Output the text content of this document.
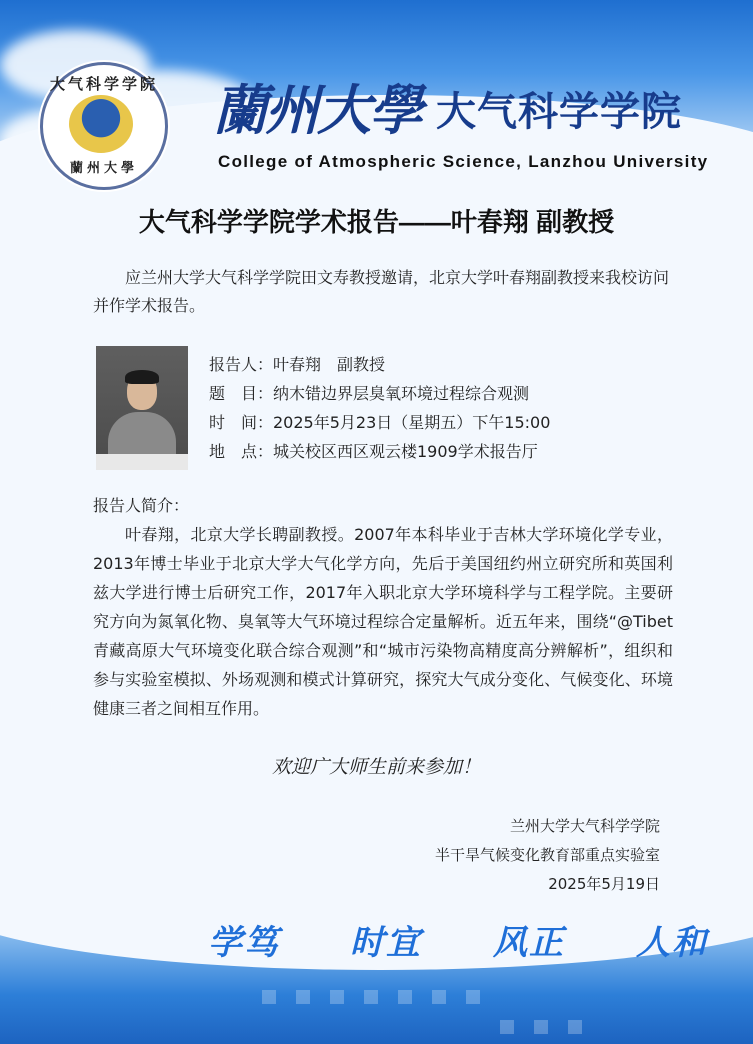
大气科学学院
蘭州大學
蘭州大學 大气科学学院
College of Atmospheric Science, Lanzhou University
大气科学学院学术报告——叶春翔 副教授
应兰州大学大气科学学院田文寿教授邀请，北京大学叶春翔副教授来我校访问并作学术报告。
报告人：叶春翔　副教授
题　目：纳木错边界层臭氧环境过程综合观测
时　间：2025年5月23日（星期五）下午15:00
地　点：城关校区西区观云楼1909学术报告厅
报告人简介：
叶春翔，北京大学长聘副教授。2007年本科毕业于吉林大学环境化学专业，2013年博士毕业于北京大学大气化学方向，先后于美国纽约州立研究所和英国利兹大学进行博士后研究工作，2017年入职北京大学环境科学与工程学院。主要研究方向为氮氧化物、臭氧等大气环境过程综合定量解析。近五年来，围绕“@Tibet青藏高原大气环境变化联合综合观测”和“城市污染物高精度高分辨解析”，组织和参与实验室模拟、外场观测和模式计算研究，探究大气成分变化、气候变化、环境健康三者之间相互作用。
欢迎广大师生前来参加！
兰州大学大气科学学院
半干旱气候变化教育部重点实验室
2025年5月19日
学笃 时宜 风正 人和
